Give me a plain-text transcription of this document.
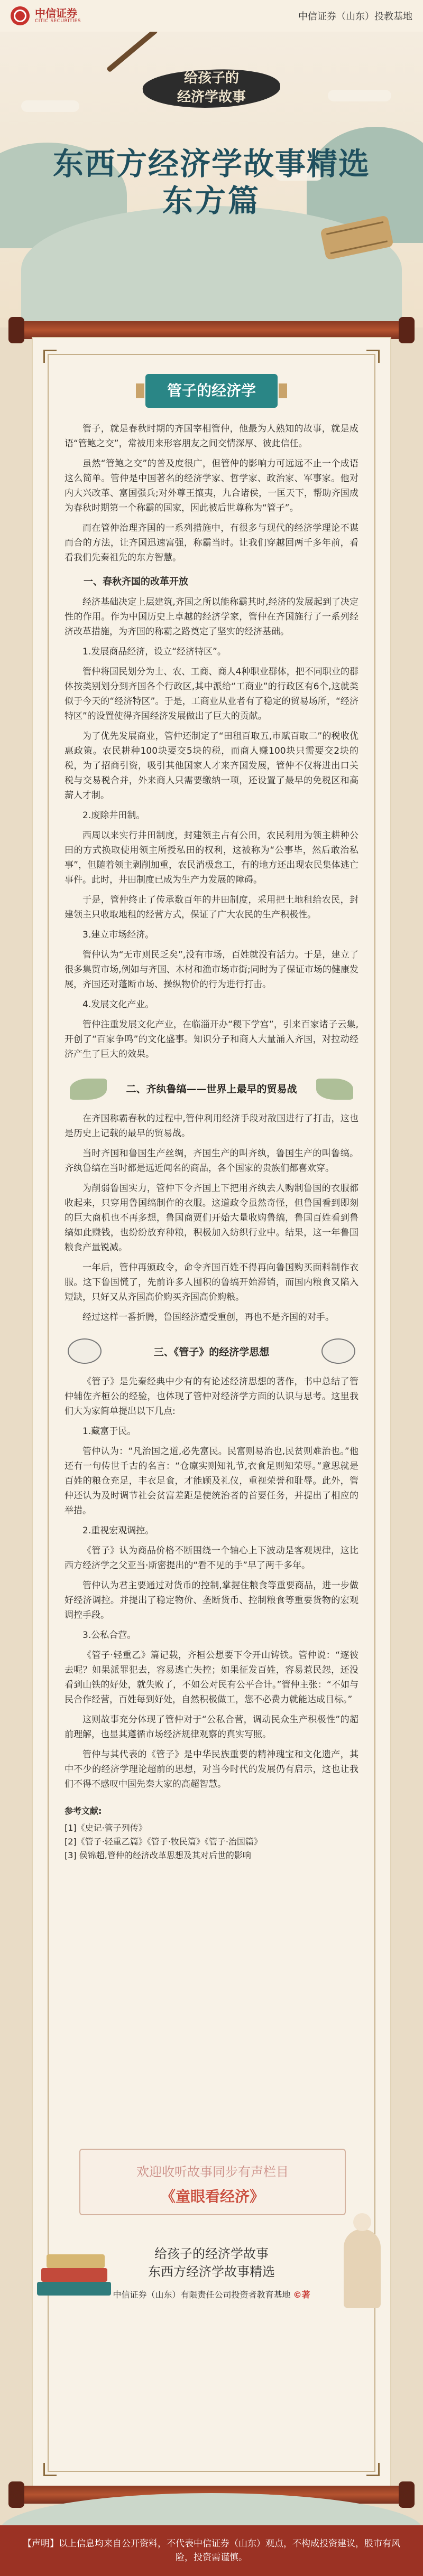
中信证券
CITIC SECURITIES	中信证券（山东）投教基地
给孩子的
经济学故事
东西方经济学故事精选
东方篇
管子的经济学

管子，就是春秋时期的齐国宰相管仲，他最为人熟知的故事，就是成语“管鲍之交”，常被用来形容朋友之间交情深厚、彼此信任。

虽然“管鲍之交”的普及度很广，但管仲的影响力可远远不止一个成语这么简单。管仲是中国著名的经济学家、哲学家、政治家、军事家。他对内大兴改革、富国强兵;对外尊王攘夷，九合诸侯，一匡天下，帮助齐国成为春秋时期第一个称霸的国家，因此被后世尊称为“管子”。

而在管仲治理齐国的一系列措施中，有很多与现代的经济学理论不谋而合的方法，让齐国迅速富强，称霸当时。让我们穿越回两千多年前，看看我们先秦祖先的东方智慧。

一、春秋齐国的改革开放

经济基础决定上层建筑,齐国之所以能称霸其时,经济的发展起到了决定性的作用。作为中国历史上卓越的经济学家，管仲在齐国施行了一系列经济改革措施，为齐国的称霸之路奠定了坚实的经济基础。

1.发展商品经济，设立“经济特区”。

管仲将国民划分为士、农、工商、商人4种职业群体，把不同职业的群体按类别划分到齐国各个行政区,其中派给“工商业”的行政区有6个,这就类似于今天的“经济特区”。于是，工商业从业者有了稳定的贸易场所，“经济特区”的设置使得齐国经济发展做出了巨大的贡献。

为了优先发展商业，管仲还制定了“田租百取五,市赋百取二”的税收优惠政策。农民耕种100块要交5块的税，而商人赚100块只需要交2块的税，为了招商引资，吸引其他国家人才来齐国发展，管仲不仅将进出口关税与交易税合并，外来商人只需要缴纳一项，还设置了最早的免税区和高薪人才制。

2.废除井田制。

西周以来实行井田制度，封建领主占有公田，农民利用为领主耕种公田的方式换取使用领主所授私田的权利，这被称为“公事毕，然后敢治私事”，但随着领主剥削加重，农民消极怠工，有的地方还出现农民集体逃亡事件。此时，井田制度已成为生产力发展的障碍。

于是，管仲终止了传承数百年的井田制度，采用把土地租给农民，封建领主只收取地租的经营方式，保证了广大农民的生产积极性。

3.建立市场经济。

管仲认为“无市则民乏矣”,没有市场，百姓就没有活力。于是，建立了很多集贸市场,例如与齐国、木材和渔市场市街;同时为了保证市场的健康发展，齐国还对蓬断市场、操纵物价的行为进行打击。

4.发展文化产业。

管仲注重发展文化产业，在临淄开办“稷下学宫”，引来百家诸子云集,开创了“百家争鸣”的文化盛事。知识分子和商人大量涌入齐国，对拉动经济产生了巨大的效果。

二、齐纨鲁缟——世界上最早的贸易战

在齐国称霸春秋的过程中,管仲利用经济手段对敌国进行了打击，这也是历史上记载的最早的贸易战。

当时齐国和鲁国生产丝绸，齐国生产的叫齐纨，鲁国生产的叫鲁缟。齐纨鲁缟在当时都是远近闻名的商品，各个国家的贵族们都喜欢穿。

为削弱鲁国实力，管仲下令齐国上下把用齐纨去人购制鲁国的衣服都收起来，只穿用鲁国缟制作的衣服。这道政令虽然奇怪，但鲁国看到即刻的巨大商机也不再多想，鲁国商贾们开始大量收购鲁缟，鲁国百姓看到鲁缟如此赚钱，也纷纷放弃种粮，积极加入纺织行业中。结果，这一年鲁国粮食产量锐减。

一年后，管仲再颁政令，命令齐国百姓不得再向鲁国购买面料制作衣服。这下鲁国慌了，先前许多人囤积的鲁缟开始滞销，而国内粮食又陷入短缺，只好又从齐国高价购买齐国高价购粮。

经过这样一番折腾，鲁国经济遭受重创，再也不是齐国的对手。

三、《管子》的经济学思想

《管子》是先秦经典中少有的有论述经济思想的著作，书中总结了管仲辅佐齐桓公的经验，也体现了管仲对经济学方面的认识与思考。这里我们大为家简单提出以下几点:

1.藏富于民。

管仲认为：“凡治国之道,必先富民。民富则易治也,民贫则难治也。”他还有一句传世千古的名言：“仓廪实则知礼节,衣食足则知荣辱。”意思就是百姓的粮仓充足，丰衣足食，才能顾及礼仪，重视荣誉和耻辱。此外，管仲还认为及时调节社会贫富差距是使统治者的首要任务，并提出了相应的举措。

2.重视宏观调控。

《管子》认为商品价格不断围绕一个轴心上下波动是客观规律，这比西方经济学之父亚当·斯密提出的“看不见的手”早了两千多年。

管仲认为君主要通过对货币的控制,掌握住粮食等重要商品，进一步做好经济调控。并提出了稳定物价、垄断货币、控制粮食等重要货物的宏观调控手段。

3.公私合营。

《管子·轻重乙》篇记载，齐桓公想要下令开山铸铁。管仲说：“逐彼去呢？如果派罪犯去，容易逃亡失控；如果征发百姓，容易惹民怨，还没看到山铁的好处，就失败了，不如公对民有公平合计。”管仲主张：“不如与民合作经营，百姓每到好处，自然积极做工，您不必费力就能达成目标。”

这则故事充分体现了管仲对于“公私合营，调动民众生产积极性”的超前理解，也显其遵循市场经济规律观察的真实写照。

管仲与其代表的《管子》是中华民族重要的精神瑰宝和文化遗产，其中不少的经济学理论超前的思想，对当今时代的发展仍有启示，这也让我们不得不感叹中国先秦大家的高超智慧。

参考文献:
[1]《史记·管子列传》
[2]《管子·轻重乙篇》《管子·牧民篇》《管子·治国篇》
[3] 侯锦超,管仲的经济改革思想及其对后世的影响
欢迎收听故事同步有声栏目
《童眼看经济》
给孩子的经济学故事
东西方经济学故事精选
中信证券（山东）有限责任公司投资者教育基地 ©著
【声明】以上信息均来自公开资料，不代表中信证券（山东）观点，不构成投资建议，股市有风险，投资需谨慎。
